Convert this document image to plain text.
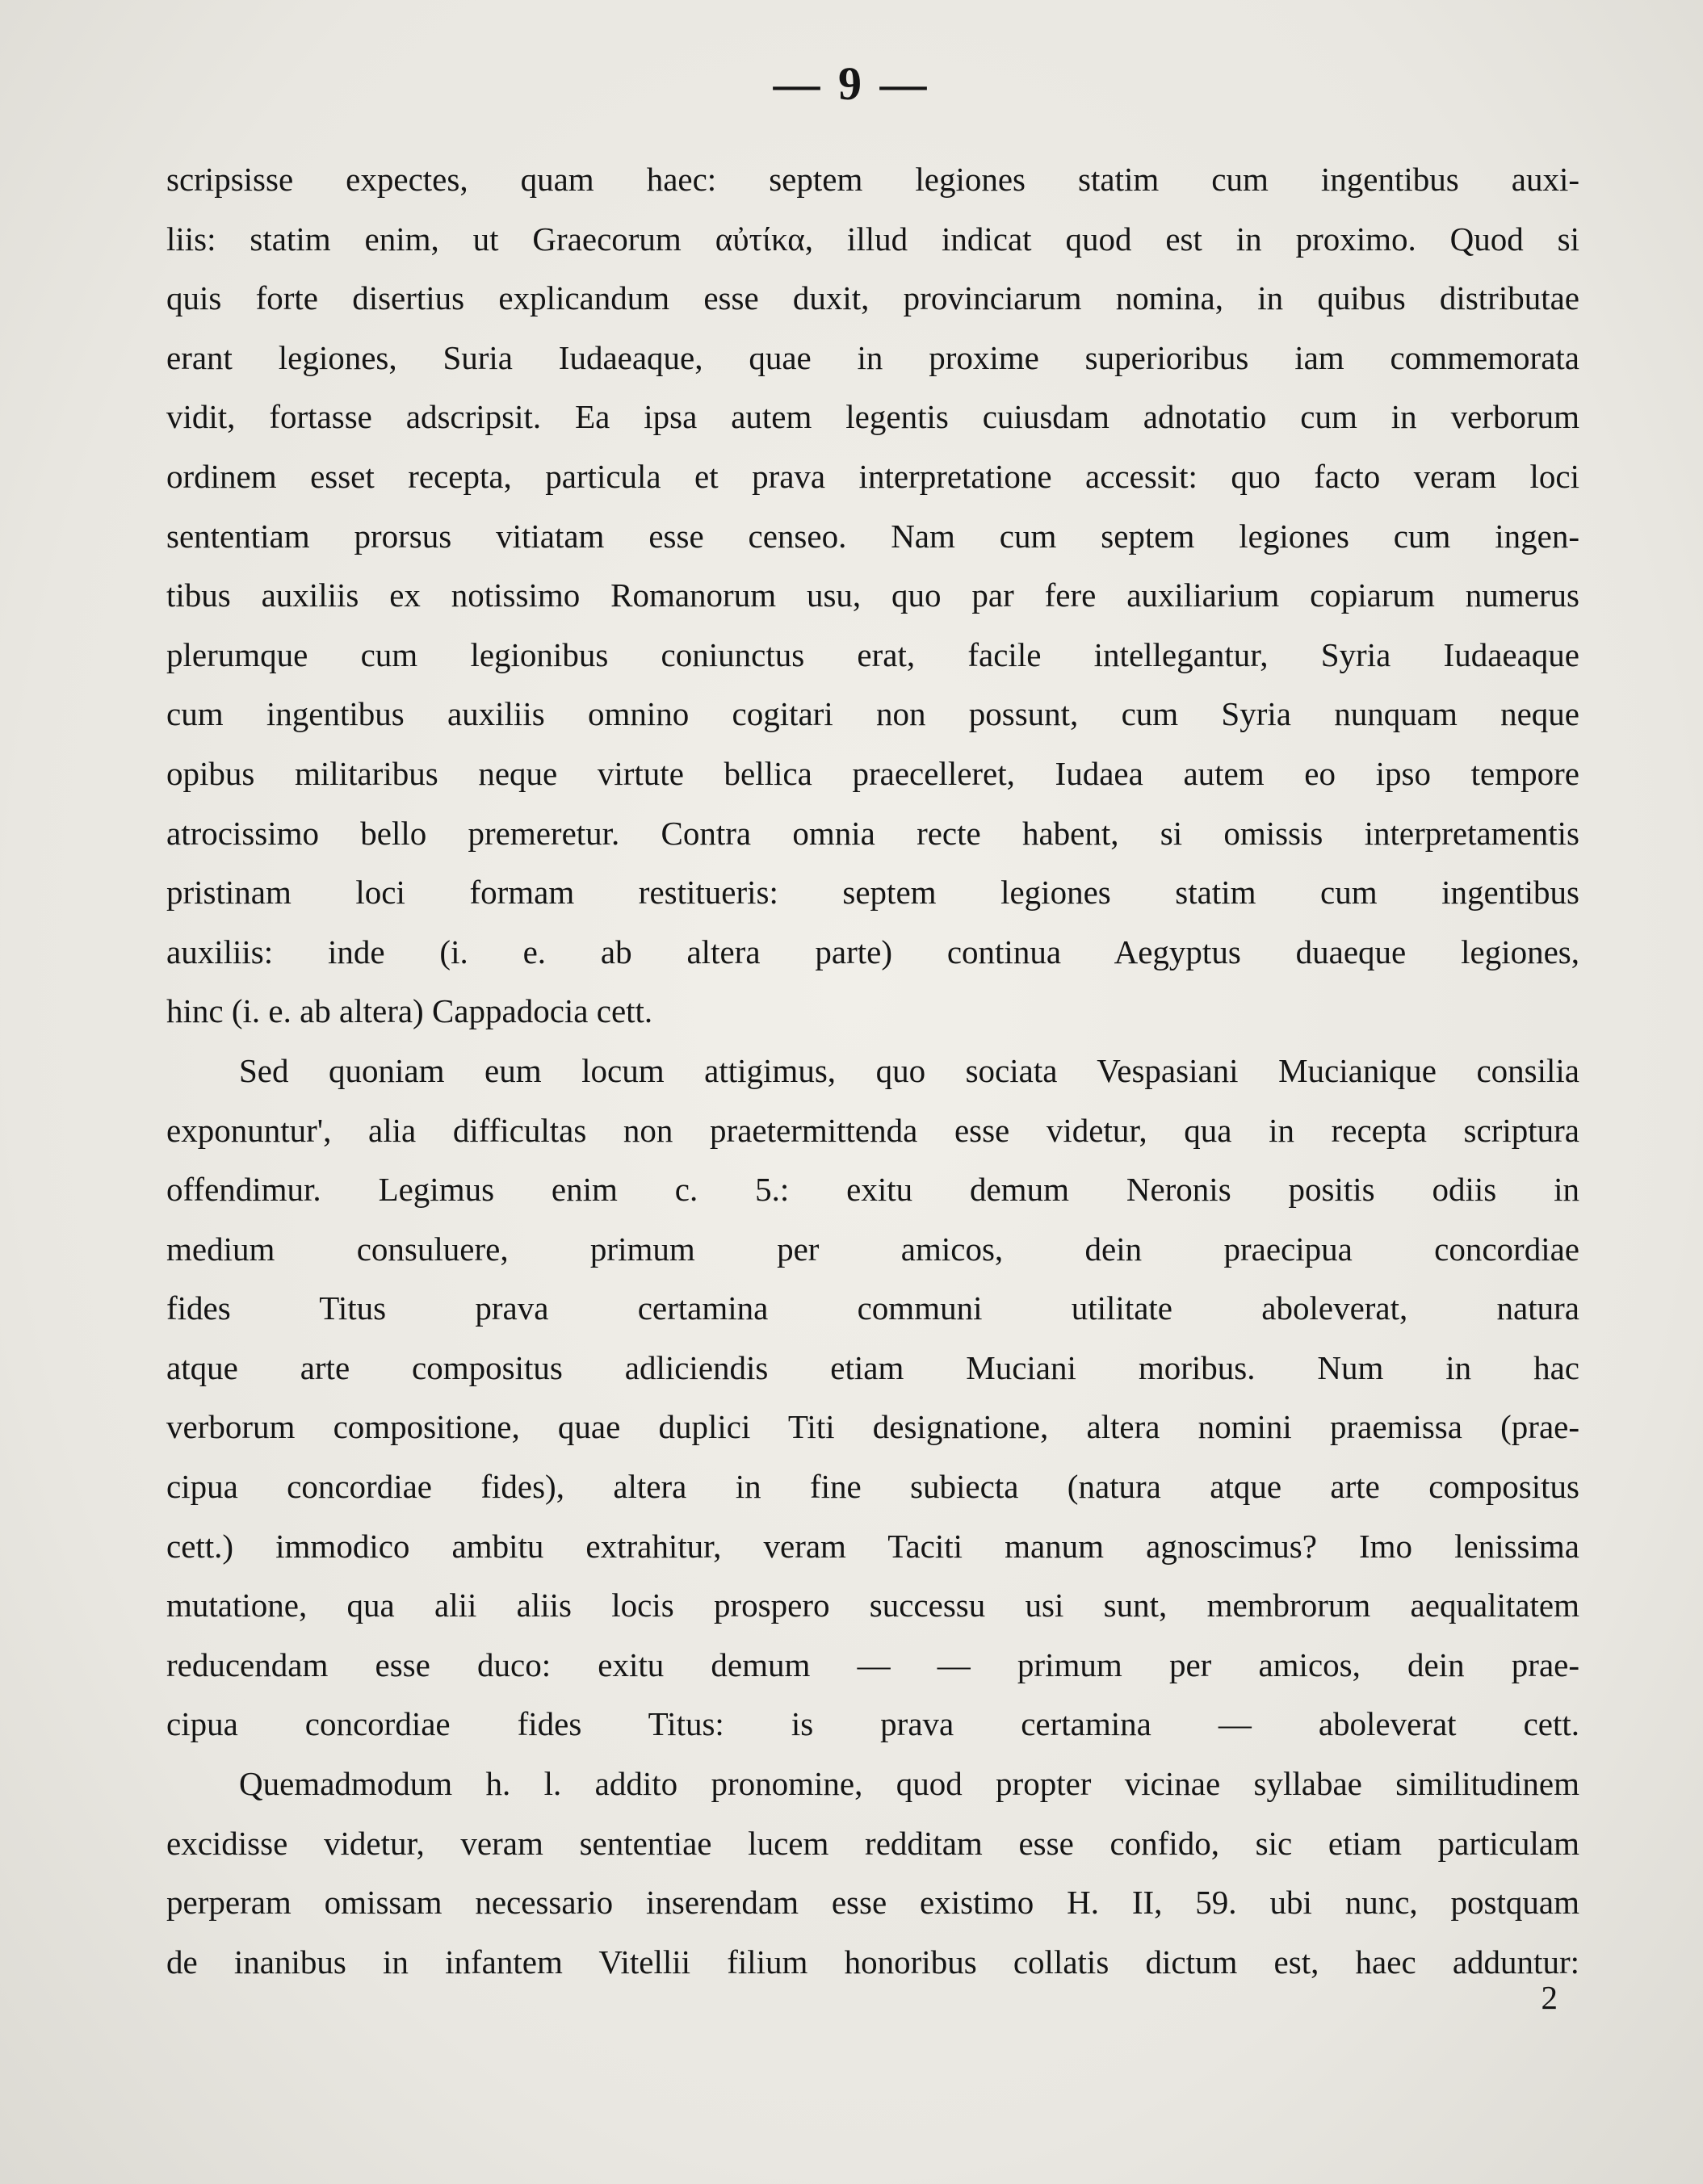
— 9 —
scripsisse expectes, quam haec: septem legiones statim cum ingentibus auxi-
liis: statim enim, ut Graecorum αὐτίκα, illud indicat quod est in proximo. Quod si
quis forte disertius explicandum esse duxit, provinciarum nomina, in quibus distributae
erant legiones, Suria Iudaeaque, quae in proxime superioribus iam commemorata
vidit, fortasse adscripsit. Ea ipsa autem legentis cuiusdam adnotatio cum in verborum
ordinem esset recepta, particula et prava interpretatione accessit: quo facto veram loci
sententiam prorsus vitiatam esse censeo. Nam cum septem legiones cum ingen-
tibus auxiliis ex notissimo Romanorum usu, quo par fere auxiliarium copiarum numerus
plerumque cum legionibus coniunctus erat, facile intellegantur, Syria Iudaeaque
cum ingentibus auxiliis omnino cogitari non possunt, cum Syria nunquam neque
opibus militaribus neque virtute bellica praecelleret, Iudaea autem eo ipso tempore
atrocissimo bello premeretur. Contra omnia recte habent, si omissis interpretamentis
pristinam loci formam restitueris: septem legiones statim cum ingentibus
auxiliis: inde (i. e. ab altera parte) continua Aegyptus duaeque legiones,
hinc (i. e. ab altera) Cappadocia cett.
Sed quoniam eum locum attigimus, quo sociata Vespasiani Mucianique consilia
exponuntur', alia difficultas non praetermittenda esse videtur, qua in recepta scriptura
offendimur. Legimus enim c. 5.: exitu demum Neronis positis odiis in
medium consuluere, primum per amicos, dein praecipua concordiae
fides Titus prava certamina communi utilitate aboleverat, natura
atque arte compositus adliciendis etiam Muciani moribus. Num in hac
verborum compositione, quae duplici Titi designatione, altera nomini praemissa (prae-
cipua concordiae fides), altera in fine subiecta (natura atque arte compositus
cett.) immodico ambitu extrahitur, veram Taciti manum agnoscimus? Imo lenissima
mutatione, qua alii aliis locis prospero successu usi sunt, membrorum aequalitatem
reducendam esse duco: exitu demum — — primum per amicos, dein prae-
cipua concordiae fides Titus: is prava certamina — aboleverat cett.
Quemadmodum h. l. addito pronomine, quod propter vicinae syllabae similitudinem
excidisse videtur, veram sententiae lucem redditam esse confido, sic etiam particulam
perperam omissam necessario inserendam esse existimo H. II, 59. ubi nunc, postquam
de inanibus in infantem Vitellii filium honoribus collatis dictum est, haec adduntur:
2
